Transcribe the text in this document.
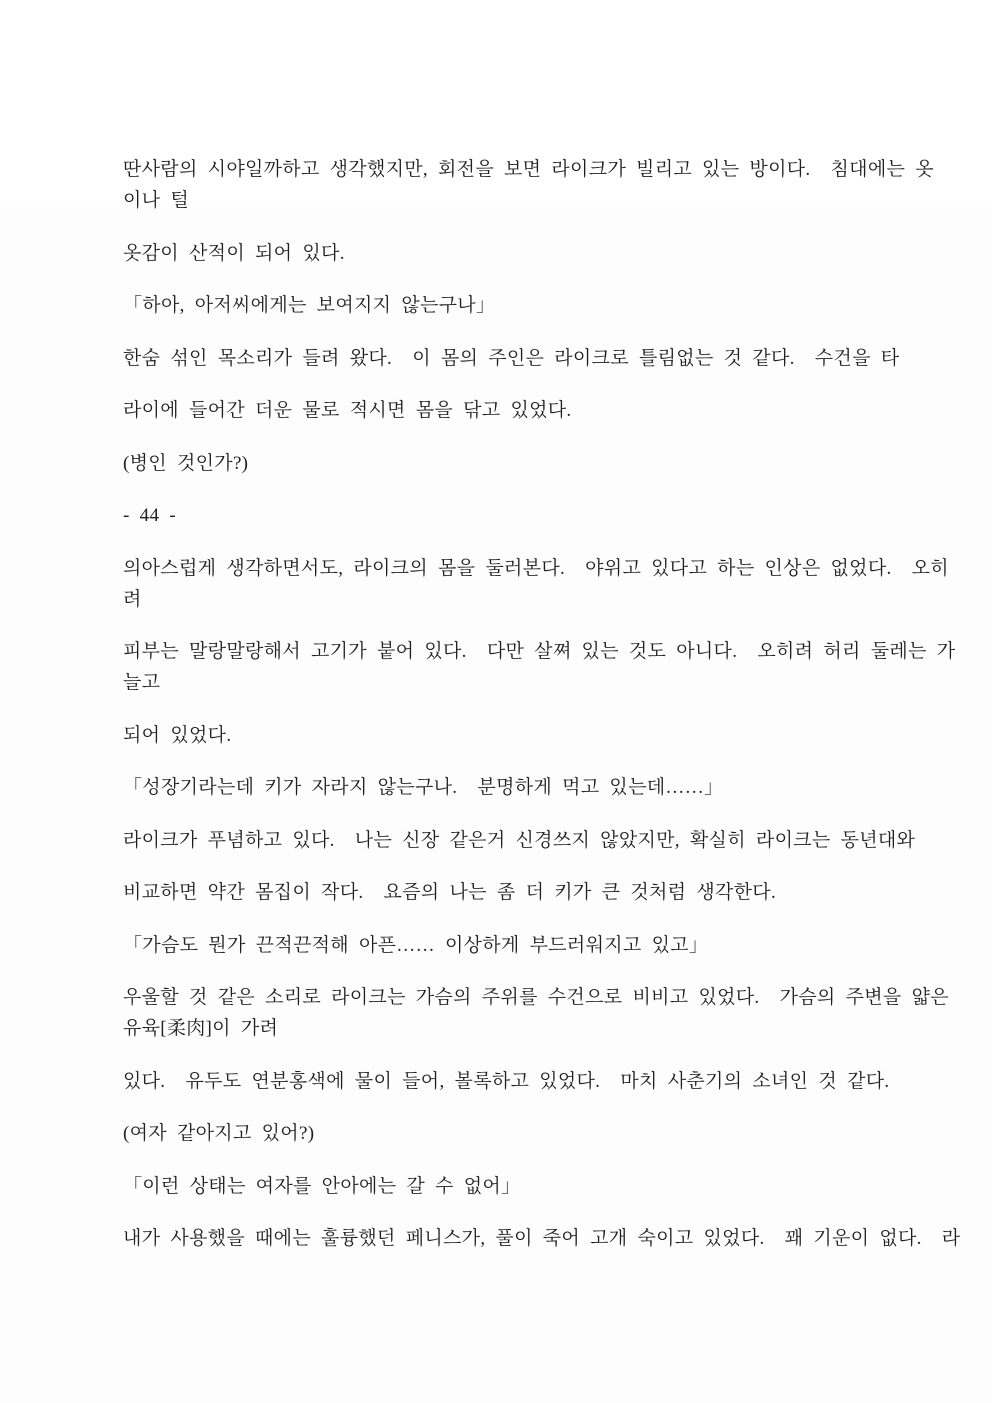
딴사람의 시야일까하고 생각했지만, 회전을 보면 라이크가 빌리고 있는 방이다.  침대에는 옷
이나 털
옷감이 산적이 되어 있다.
「하아, 아저씨에게는 보여지지 않는구나」
한숨 섞인 목소리가 들려 왔다.  이 몸의 주인은 라이크로 틀림없는 것 같다.  수건을 타
라이에 들어간 더운 물로 적시면 몸을 닦고 있었다.
(병인 것인가?)
- 44 -
의아스럽게 생각하면서도, 라이크의 몸을 둘러본다.  야위고 있다고 하는 인상은 없었다.  오히
려
피부는 말랑말랑해서 고기가 붙어 있다.  다만 살쪄 있는 것도 아니다.  오히려 허리 둘레는 가
늘고
되어 있었다.
「성장기라는데 키가 자라지 않는구나.  분명하게 먹고 있는데……」
라이크가 푸념하고 있다.  나는 신장 같은거 신경쓰지 않았지만, 확실히 라이크는 동년대와
비교하면 약간 몸집이 작다.  요즘의 나는 좀 더 키가 큰 것처럼 생각한다.
「가슴도 뭔가 끈적끈적해 아픈…… 이상하게 부드러워지고 있고」
우울할 것 같은 소리로 라이크는 가슴의 주위를 수건으로 비비고 있었다.  가슴의 주변을 얇은
유육[柔肉]이 가려
있다.  유두도 연분홍색에 물이 들어, 볼록하고 있었다.  마치 사춘기의 소녀인 것 같다.
(여자 같아지고 있어?)
「이런 상태는 여자를 안아에는 갈 수 없어」
내가 사용했을 때에는 훌륭했던 페니스가, 풀이 죽어 고개 숙이고 있었다.  꽤 기운이 없다.  라
